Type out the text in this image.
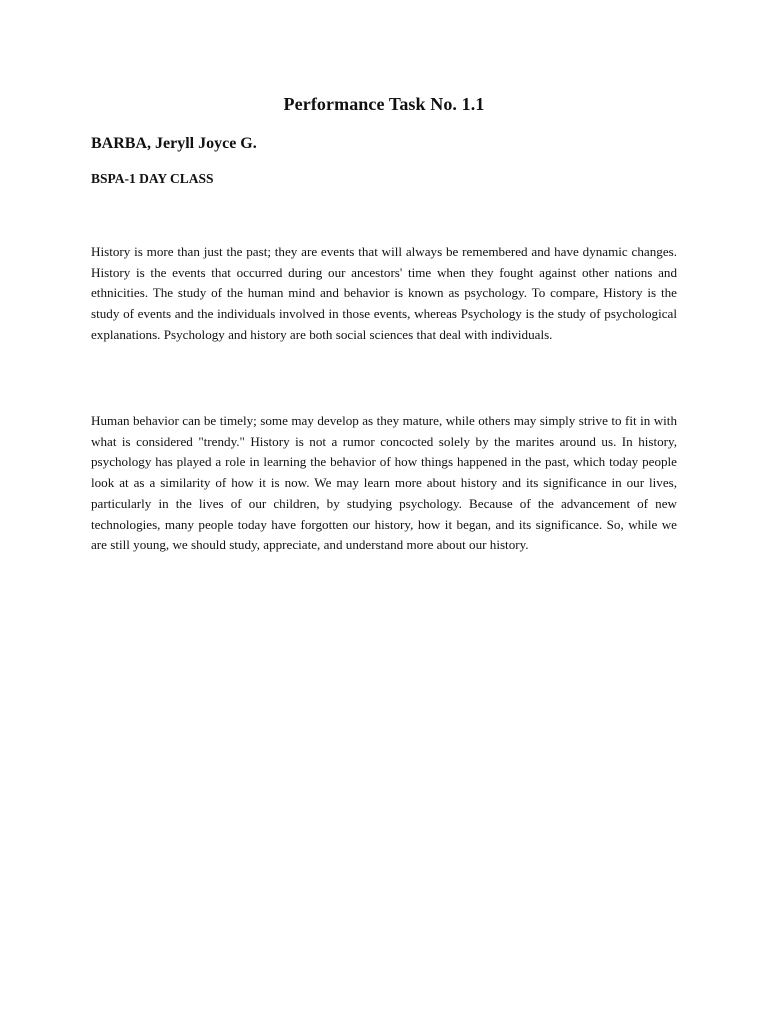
Performance Task No. 1.1
BARBA, Jeryll Joyce G.
BSPA-1 DAY CLASS

History is more than just the past; they are events that will always be remembered and have dynamic changes. History is the events that occurred during our ancestors' time when they fought against other nations and ethnicities. The study of the human mind and behavior is known as psychology. To compare, History is the study of events and the individuals involved in those events, whereas Psychology is the study of psychological explanations. Psychology and history are both social sciences that deal with individuals.

Human behavior can be timely; some may develop as they mature, while others may simply strive to fit in with what is considered "trendy." History is not a rumor concocted solely by the marites around us. In history, psychology has played a role in learning the behavior of how things happened in the past, which today people look at as a similarity of how it is now. We may learn more about history and its significance in our lives, particularly in the lives of our children, by studying psychology. Because of the advancement of new technologies, many people today have forgotten our history, how it began, and its significance. So, while we are still young, we should study, appreciate, and understand more about our history.
